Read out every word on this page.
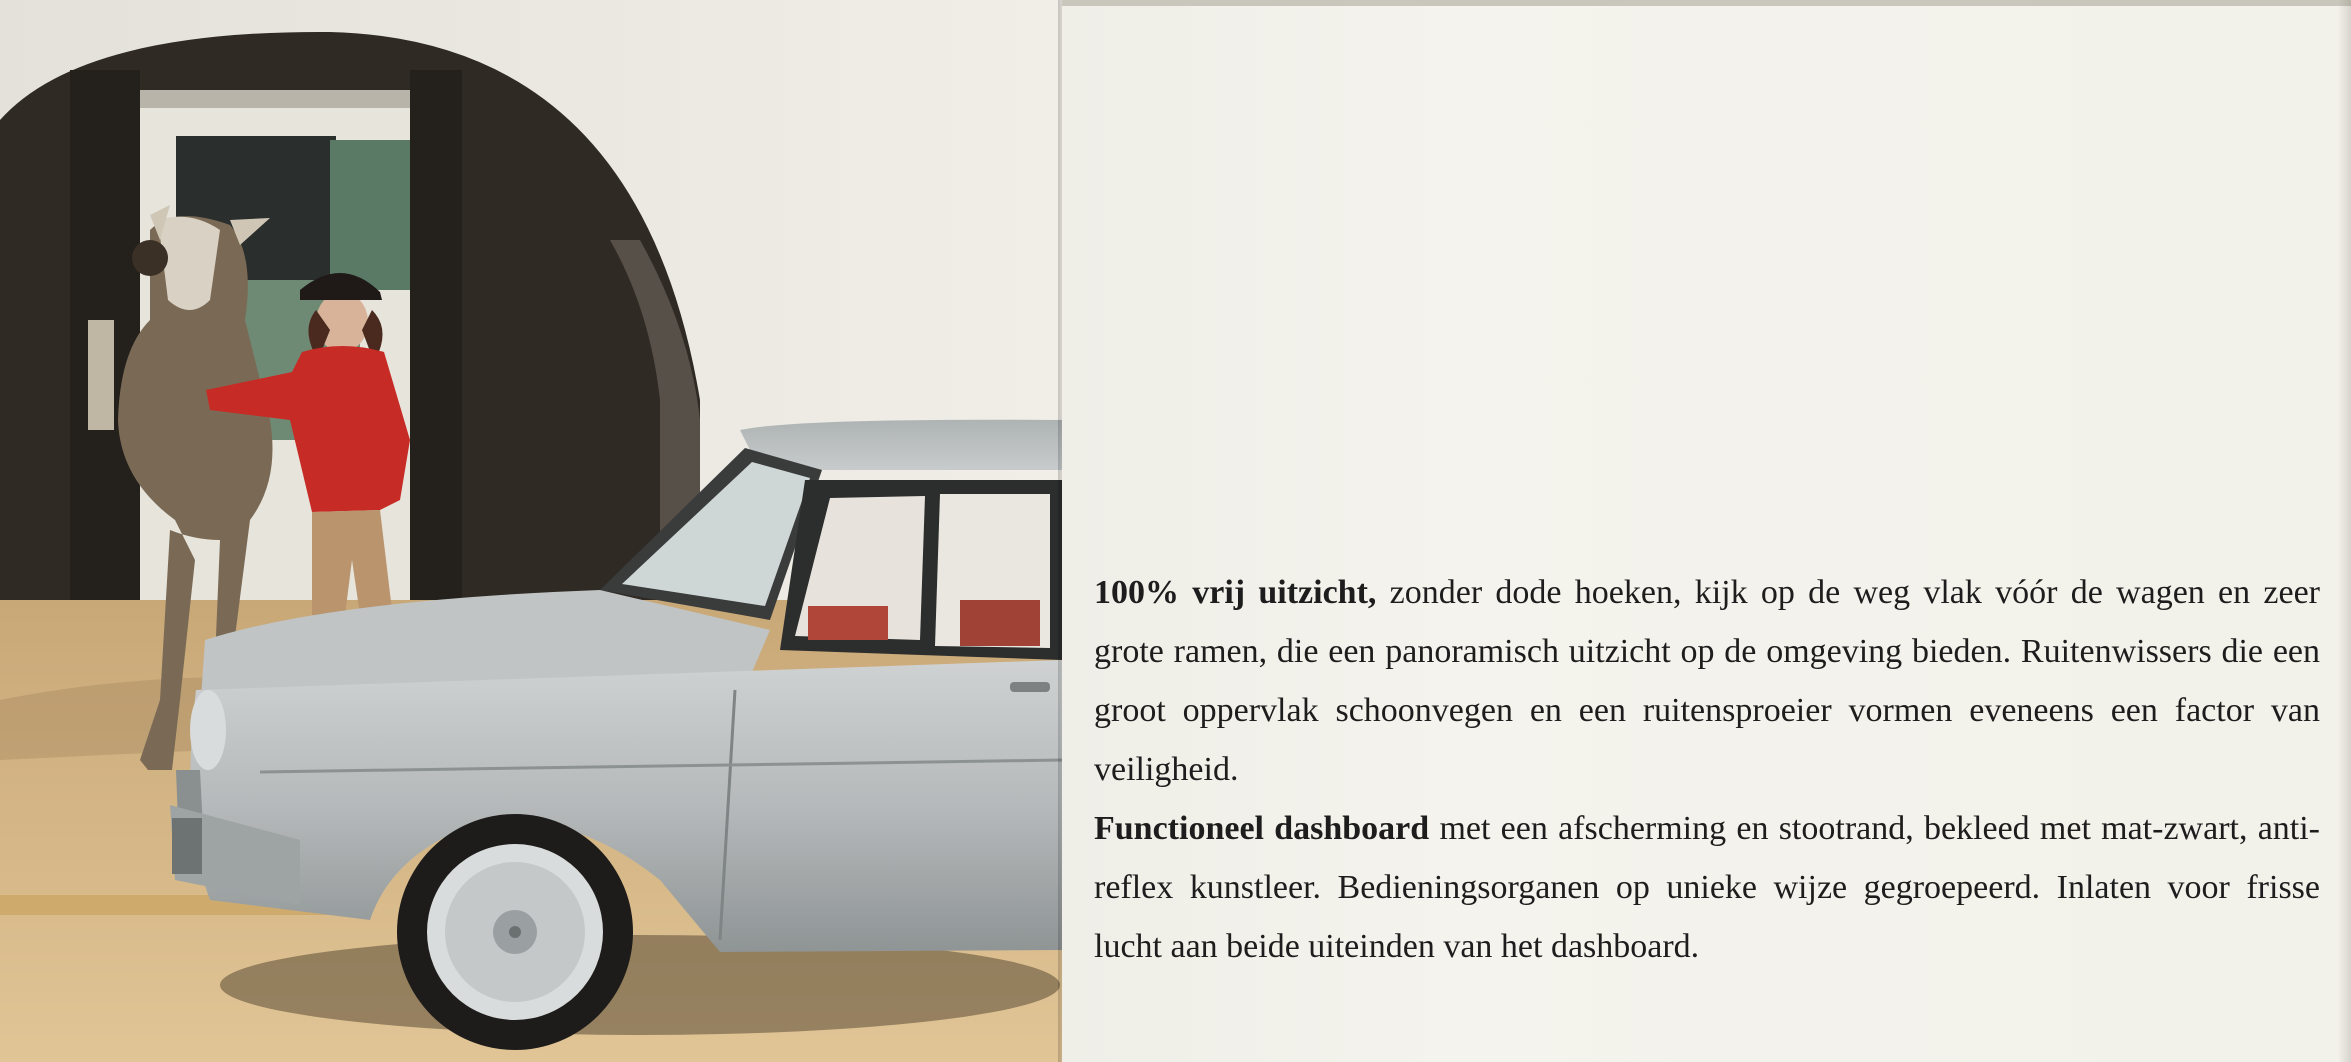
100% vrij uitzicht, zonder dode hoeken, kijk op de weg vlak vóór de wagen en zeer grote ramen, die een panoramisch uitzicht op de omgeving bieden. Ruitenwissers die een groot oppervlak schoonvegen en een ruitensproeier vormen eveneens een factor van veiligheid.

Functioneel dashboard met een afscherming en stootrand, bekleed met mat-zwart, anti-reflex kunstleer. Bedieningsorganen op unieke wijze gegroepeerd. Inlaten voor frisse lucht aan beide uiteinden van het dashboard.
